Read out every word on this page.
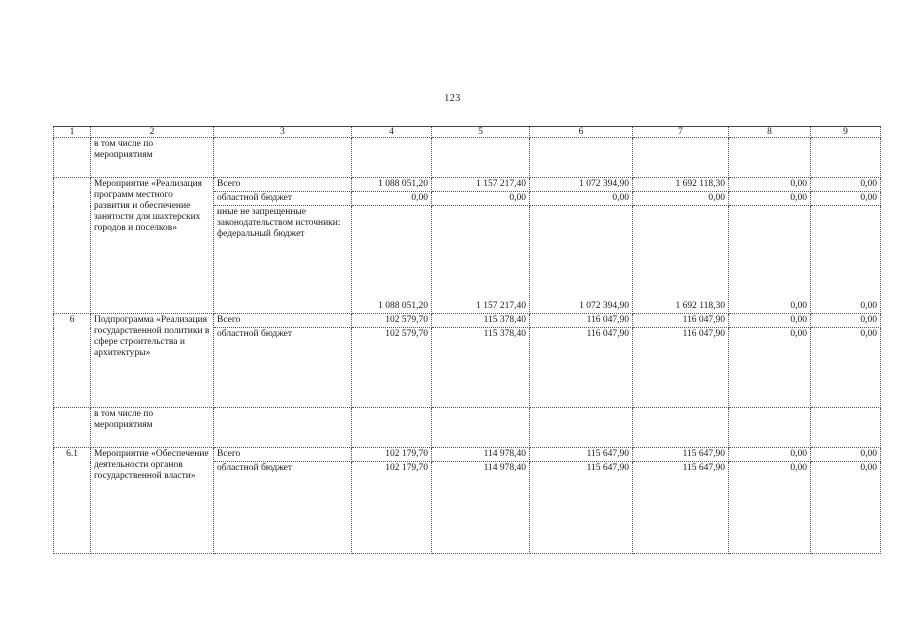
123
1	2	3	4	5	6	7	8	9
	в том числе по мероприятиям							
	Мероприятие «Реализация программ местного развития и обеспечение занятости для шахтерских городов и поселков»	Всего	1 088 051,20	1 157 217,40	1 072 394,90	1 692 118,30	0,00	0,00
		областной бюджет	0,00	0,00	0,00	0,00	0,00	0,00
		иные не запрещенные законодательством источники: федеральный бюджет	1 088 051,20	1 157 217,40	1 072 394,90	1 692 118,30	0,00	0,00
6	Подпрограмма «Реализация государственной политики в сфере строительства и архитектуры»	Всего	102 579,70	115 378,40	116 047,90	116 047,90	0,00	0,00
		областной бюджет	102 579,70	115 378,40	116 047,90	116 047,90	0,00	0,00
	в том числе по мероприятиям							
6.1	Мероприятие «Обеспечение деятельности органов государственной власти»	Всего	102 179,70	114 978,40	115 647,90	115 647,90	0,00	0,00
		областной бюджет	102 179,70	114 978,40	115 647,90	115 647,90	0,00	0,00
